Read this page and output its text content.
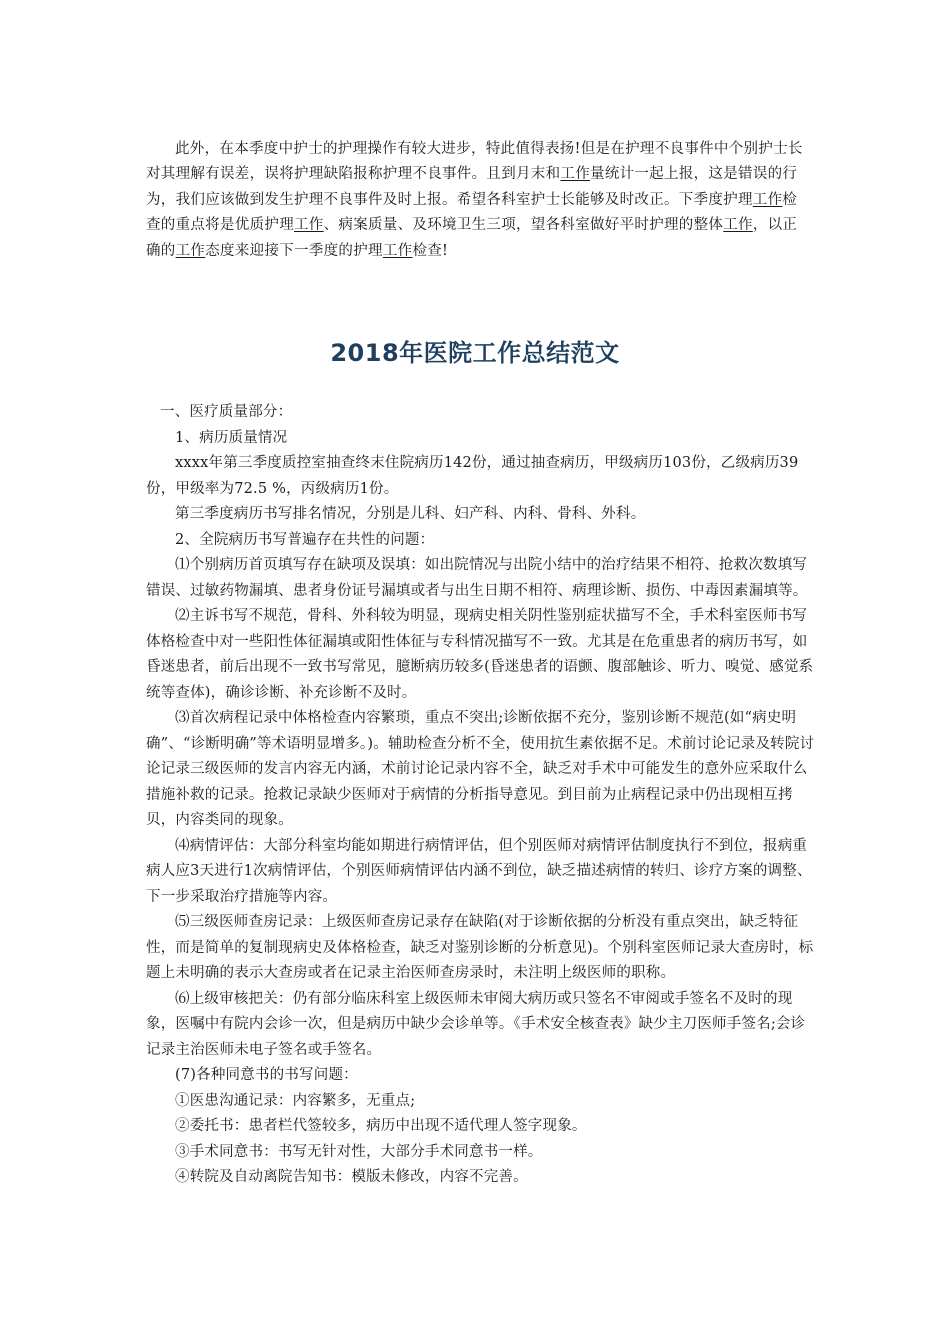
此外，在本季度中护士的护理操作有较大进步，特此值得表扬!但是在护理不良事件中个别护士长对其理解有误差，误将护理缺陷报称护理不良事件。且到月末和工作量统计一起上报，这是错误的行为，我们应该做到发生护理不良事件及时上报。希望各科室护士长能够及时改正。下季度护理工作检查的重点将是优质护理工作、病案质量、及环境卫生三项，望各科室做好平时护理的整体工作，以正确的工作态度来迎接下一季度的护理工作检查!

2018年医院工作总结范文

一、医疗质量部分：

1、病历质量情况

xxxx年第三季度质控室抽查终末住院病历142份，通过抽查病历，甲级病历103份，乙级病历39份，甲级率为72.5 %，丙级病历1份。

第三季度病历书写排名情况，分别是儿科、妇产科、内科、骨科、外科。

2、全院病历书写普遍存在共性的问题：

⑴个别病历首页填写存在缺项及误填：如出院情况与出院小结中的治疗结果不相符、抢救次数填写错误、过敏药物漏填、患者身份证号漏填或者与出生日期不相符、病理诊断、损伤、中毒因素漏填等。

⑵主诉书写不规范，骨科、外科较为明显，现病史相关阴性鉴别症状描写不全，手术科室医师书写体格检查中对一些阳性体征漏填或阳性体征与专科情况描写不一致。尤其是在危重患者的病历书写，如昏迷患者，前后出现不一致书写常见，臆断病历较多(昏迷患者的语颤、腹部触诊、听力、嗅觉、感觉系统等查体)，确诊诊断、补充诊断不及时。

⑶首次病程记录中体格检查内容繁琐，重点不突出;诊断依据不充分，鉴别诊断不规范(如“病史明确”、“诊断明确”等术语明显增多。)。辅助检查分析不全，使用抗生素依据不足。术前讨论记录及转院讨论记录三级医师的发言内容无内涵，术前讨论记录内容不全，缺乏对手术中可能发生的意外应采取什么措施补救的记录。抢救记录缺少医师对于病情的分析指导意见。到目前为止病程记录中仍出现相互拷贝，内容类同的现象。

⑷病情评估：大部分科室均能如期进行病情评估，但个别医师对病情评估制度执行不到位，报病重病人应3天进行1次病情评估，个别医师病情评估内涵不到位，缺乏描述病情的转归、诊疗方案的调整、下一步采取治疗措施等内容。

⑸三级医师查房记录：上级医师查房记录存在缺陷(对于诊断依据的分析没有重点突出，缺乏特征性，而是简单的复制现病史及体格检查，缺乏对鉴别诊断的分析意见)。个别科室医师记录大查房时，标题上未明确的表示大查房或者在记录主治医师查房录时，未注明上级医师的职称。

⑹上级审核把关：仍有部分临床科室上级医师未审阅大病历或只签名不审阅或手签名不及时的现象，医嘱中有院内会诊一次，但是病历中缺少会诊单等。《手术安全核查表》缺少主刀医师手签名;会诊记录主治医师未电子签名或手签名。

(7)各种同意书的书写问题：

①医患沟通记录：内容繁多，无重点;

②委托书：患者栏代签较多，病历中出现不适代理人签字现象。

③手术同意书：书写无针对性，大部分手术同意书一样。

④转院及自动离院告知书：模版未修改，内容不完善。
